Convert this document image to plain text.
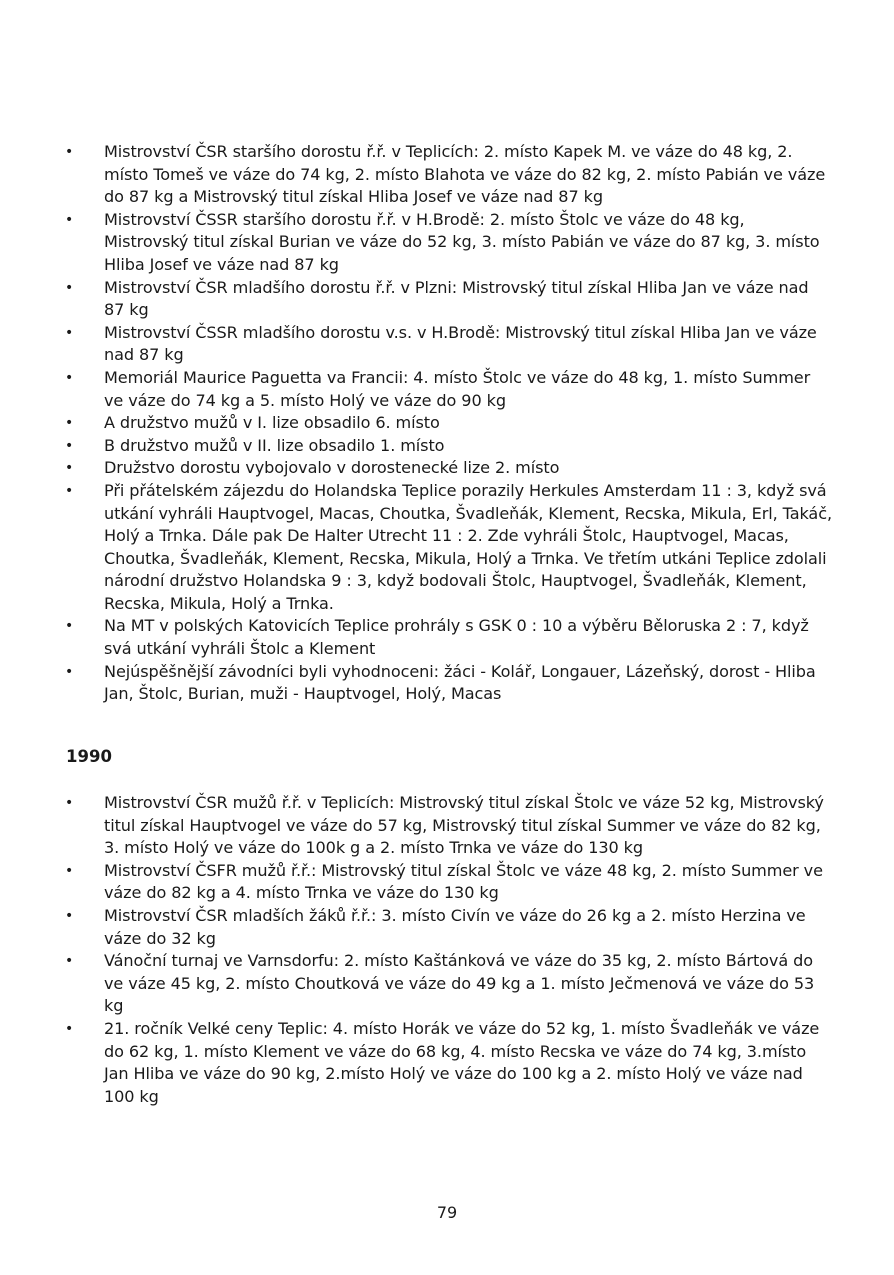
• Mistrovství ČSR staršího dorostu ř.ř. v Teplicích: 2. místo Kapek M. ve váze do 48 kg, 2. místo Tomeš ve váze do 74 kg, 2. místo Blahota ve váze do 82 kg, 2. místo Pabián ve váze do 87 kg a Mistrovský titul získal Hliba Josef ve váze nad 87 kg
• Mistrovství ČSSR staršího dorostu ř.ř. v H.Brodě: 2. místo Štolc ve váze do 48 kg, Mistrovský titul získal Burian ve váze do 52 kg, 3. místo Pabián ve váze do 87 kg, 3. místo Hliba Josef ve váze nad 87 kg
• Mistrovství ČSR mladšího dorostu ř.ř. v Plzni: Mistrovský titul získal Hliba Jan ve váze nad 87 kg
• Mistrovství ČSSR mladšího dorostu v.s. v H.Brodě: Mistrovský titul získal Hliba Jan ve váze nad 87 kg
• Memoriál Maurice Paguetta va Francii: 4. místo Štolc ve váze do 48 kg, 1. místo Summer ve váze do 74 kg a 5. místo Holý ve váze do 90 kg
• A družstvo mužů v I. lize obsadilo 6. místo
• B družstvo mužů v II. lize obsadilo 1. místo
• Družstvo dorostu vybojovalo v dorostenecké lize 2. místo
• Při přátelském zájezdu do Holandska Teplice porazily Herkules Amsterdam 11 : 3, když svá utkání vyhráli Hauptvogel, Macas, Choutka, Švadleňák, Klement, Recska, Mikula, Erl, Takáč, Holý a Trnka. Dále pak De Halter Utrecht 11 : 2. Zde vyhráli Štolc, Hauptvogel, Macas, Choutka, Švadleňák, Klement, Recska, Mikula, Holý a Trnka. Ve třetím utkáni Teplice zdolali národní družstvo Holandska 9 : 3, když bodovali Štolc, Hauptvogel, Švadleňák, Klement, Recska, Mikula, Holý a Trnka.
• Na MT v polských Katovicích Teplice prohrály s GSK 0 : 10 a výběru Běloruska 2 : 7, když svá utkání vyhráli Štolc a Klement
• Nejúspěšnější závodníci byli vyhodnoceni: žáci - Kolář, Longauer, Lázeňský, dorost - Hliba Jan, Štolc, Burian, muži - Hauptvogel, Holý, Macas
1990
• Mistrovství ČSR mužů ř.ř. v Teplicích: Mistrovský titul získal Štolc ve váze 52 kg, Mistrovský titul získal Hauptvogel ve váze do 57 kg, Mistrovský titul získal Summer ve váze do 82 kg, 3. místo Holý ve váze do 100k g a 2. místo Trnka ve váze do 130 kg
• Mistrovství ČSFR mužů ř.ř.: Mistrovský titul získal Štolc ve váze 48 kg, 2. místo Summer ve váze do 82 kg a 4. místo Trnka ve váze do 130 kg
• Mistrovství ČSR mladších žáků ř.ř.: 3. místo Civín ve váze do 26 kg a 2. místo Herzina ve váze do 32 kg
• Vánoční turnaj ve Varnsdorfu: 2. místo Kaštánková ve váze do 35 kg, 2. místo Bártová do ve váze 45 kg, 2. místo Choutková ve váze do 49 kg a 1. místo Ječmenová ve váze do 53 kg
• 21. ročník Velké ceny Teplic: 4. místo Horák ve váze do 52 kg, 1. místo Švadleňák ve váze do 62 kg, 1. místo Klement ve váze do 68 kg, 4. místo Recska ve váze do 74 kg, 3.místo Jan Hliba ve váze do 90 kg, 2.místo Holý ve váze do 100 kg a 2. místo Holý ve váze nad 100 kg
79
